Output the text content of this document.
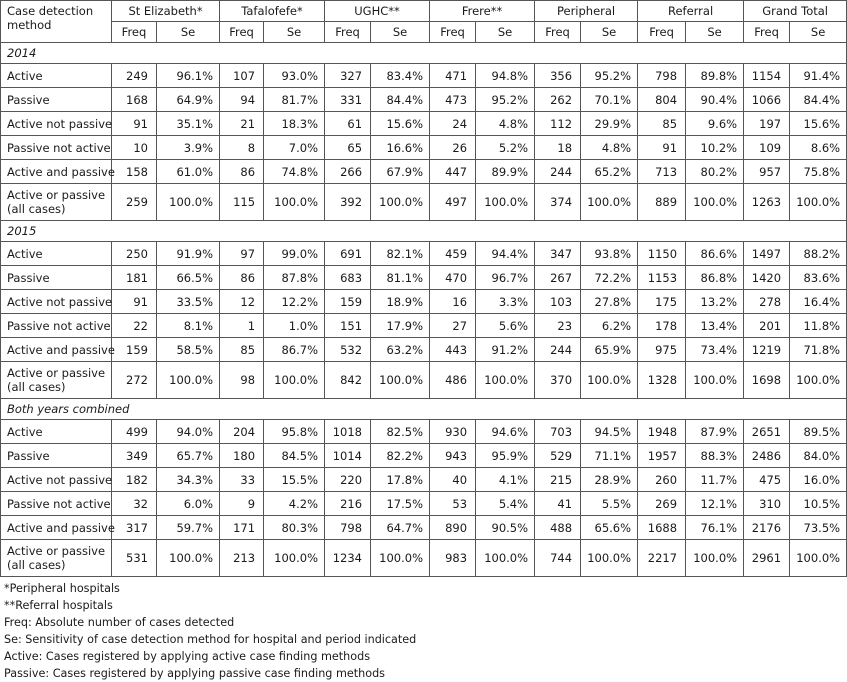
Case detection method	St Elizabeth*		Tafalofefe*		UGHC**		Frere**		Peripheral		Referral		Grand Total	
	Freq	Se	Freq	Se	Freq	Se	Freq	Se	Freq	Se	Freq	Se	Freq	Se
2014														
Active	249	96.1%	107	93.0%	327	83.4%	471	94.8%	356	95.2%	798	89.8%	1154	91.4%
Passive	168	64.9%	94	81.7%	331	84.4%	473	95.2%	262	70.1%	804	90.4%	1066	84.4%
Active not passive	91	35.1%	21	18.3%	61	15.6%	24	4.8%	112	29.9%	85	9.6%	197	15.6%
Passive not active	10	3.9%	8	7.0%	65	16.6%	26	5.2%	18	4.8%	91	10.2%	109	8.6%
Active and passive	158	61.0%	86	74.8%	266	67.9%	447	89.9%	244	65.2%	713	80.2%	957	75.8%
Active or passive (all cases)	259	100.0%	115	100.0%	392	100.0%	497	100.0%	374	100.0%	889	100.0%	1263	100.0%
2015														
Active	250	91.9%	97	99.0%	691	82.1%	459	94.4%	347	93.8%	1150	86.6%	1497	88.2%
Passive	181	66.5%	86	87.8%	683	81.1%	470	96.7%	267	72.2%	1153	86.8%	1420	83.6%
Active not passive	91	33.5%	12	12.2%	159	18.9%	16	3.3%	103	27.8%	175	13.2%	278	16.4%
Passive not active	22	8.1%	1	1.0%	151	17.9%	27	5.6%	23	6.2%	178	13.4%	201	11.8%
Active and passive	159	58.5%	85	86.7%	532	63.2%	443	91.2%	244	65.9%	975	73.4%	1219	71.8%
Active or passive (all cases)	272	100.0%	98	100.0%	842	100.0%	486	100.0%	370	100.0%	1328	100.0%	1698	100.0%
Both years combined														
Active	499	94.0%	204	95.8%	1018	82.5%	930	94.6%	703	94.5%	1948	87.9%	2651	89.5%
Passive	349	65.7%	180	84.5%	1014	82.2%	943	95.9%	529	71.1%	1957	88.3%	2486	84.0%
Active not passive	182	34.3%	33	15.5%	220	17.8%	40	4.1%	215	28.9%	260	11.7%	475	16.0%
Passive not active	32	6.0%	9	4.2%	216	17.5%	53	5.4%	41	5.5%	269	12.1%	310	10.5%
Active and passive	317	59.7%	171	80.3%	798	64.7%	890	90.5%	488	65.6%	1688	76.1%	2176	73.5%
Active or passive (all cases)	531	100.0%	213	100.0%	1234	100.0%	983	100.0%	744	100.0%	2217	100.0%	2961	100.0%
*Peripheral hospitals
**Referral hospitals
Freq: Absolute number of cases detected
Se: Sensitivity of case detection method for hospital and period indicated
Active: Cases registered by applying active case finding methods
Passive: Cases registered by applying passive case finding methods
